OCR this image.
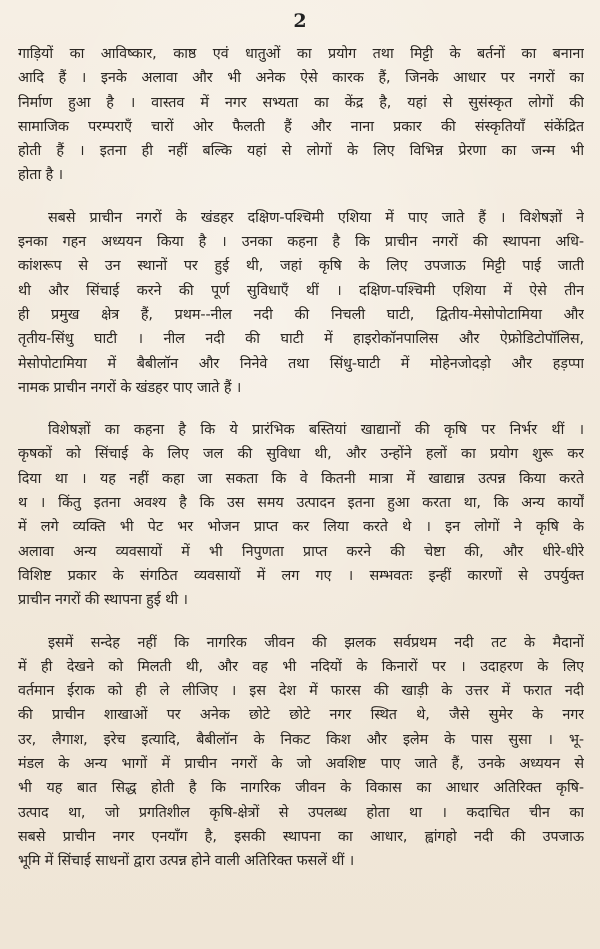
2
गाड़ियों का आविष्कार, काष्ठ एवं धातुओं का प्रयोग तथा मिट्टी के बर्तनों का बनाना
आदि हैं । इनके अलावा और भी अनेक ऐसे कारक हैं, जिनके आधार पर नगरों का
निर्माण हुआ है । वास्तव में नगर सभ्यता का केंद्र है, यहां से सुसंस्कृत लोगों की
सामाजिक परम्पराएँ चारों ओर फैलती हैं और नाना प्रकार की संस्कृतियाँ संकेंद्रित
होती हैं । इतना ही नहीं बल्कि यहां से लोगों के लिए विभिन्न प्रेरणा का जन्म भी
होता है ।
सबसे प्राचीन नगरों के खंडहर दक्षिण-पश्चिमी एशिया में पाए जाते हैं । विशेषज्ञों ने
इनका गहन अध्ययन किया है । उनका कहना है कि प्राचीन नगरों की स्थापना अधि-
कांशरूप से उन स्थानों पर हुई थी, जहां कृषि के लिए उपजाऊ मिट्टी पाई जाती
थी और सिंचाई करने की पूर्ण सुविधाएँ थीं । दक्षिण-पश्चिमी एशिया में ऐसे तीन
ही प्रमुख क्षेत्र हैं, प्रथम--नील नदी की निचली घाटी, द्वितीय-मेसोपोटामिया और
तृतीय-सिंधु घाटी । नील नदी की घाटी में हाइरोकॉनपालिस और ऐफ्रोडिटोपॉलिस,
मेसोपोटामिया में बैबीलॉन और निनेवे तथा सिंधु-घाटी में मोहेनजोदड़ो और हड़प्पा
नामक प्राचीन नगरों के खंडहर पाए जाते हैं ।
विशेषज्ञों का कहना है कि ये प्रारंभिक बस्तियां खाद्यानों की कृषि पर निर्भर थीं ।
कृषकों को सिंचाई के लिए जल की सुविधा थी, और उन्होंने हलों का प्रयोग शुरू कर
दिया था । यह नहीं कहा जा सकता कि वे कितनी मात्रा में खाद्यान्न उत्पन्न किया करते
थ । किंतु इतना अवश्य है कि उस समय उत्पादन इतना हुआ करता था, कि अन्य कार्यों
में लगे व्यक्ति भी पेट भर भोजन प्राप्त कर लिया करते थे । इन लोगों ने कृषि के
अलावा अन्य व्यवसायों में भी निपुणता प्राप्त करने की चेष्टा की, और धीरे-धीरे
विशिष्ट प्रकार के संगठित व्यवसायों में लग गए । सम्भवतः इन्हीं कारणों से उपर्युक्त
प्राचीन नगरों की स्थापना हुई थी ।
इसमें सन्देह नहीं कि नागरिक जीवन की झलक सर्वप्रथम नदी तट के मैदानों
में ही देखने को मिलती थी, और वह भी नदियों के किनारों पर । उदाहरण के लिए
वर्तमान ईराक को ही ले लीजिए । इस देश में फारस की खाड़ी के उत्तर में फरात नदी
की प्राचीन शाखाओं पर अनेक छोटे छोटे नगर स्थित थे, जैसे सुमेर के नगर
उर, लैगाश, इरेच इत्यादि, बैबीलॉन के निकट किश और इलेम के पास सुसा । भू-
मंडल के अन्य भागों में प्राचीन नगरों के जो अवशिष्ट पाए जाते हैं, उनके अध्ययन से
भी यह बात सिद्ध होती है कि नागरिक जीवन के विकास का आधार अतिरिक्त कृषि-
उत्पाद था, जो प्रगतिशील कृषि-क्षेत्रों से उपलब्ध होता था । कदाचित चीन का
सबसे प्राचीन नगर एनयाँग है, इसकी स्थापना का आधार, ह्वांगहो नदी की उपजाऊ
भूमि में सिंचाई साधनों द्वारा उत्पन्न होने वाली अतिरिक्त फसलें थीं ।
